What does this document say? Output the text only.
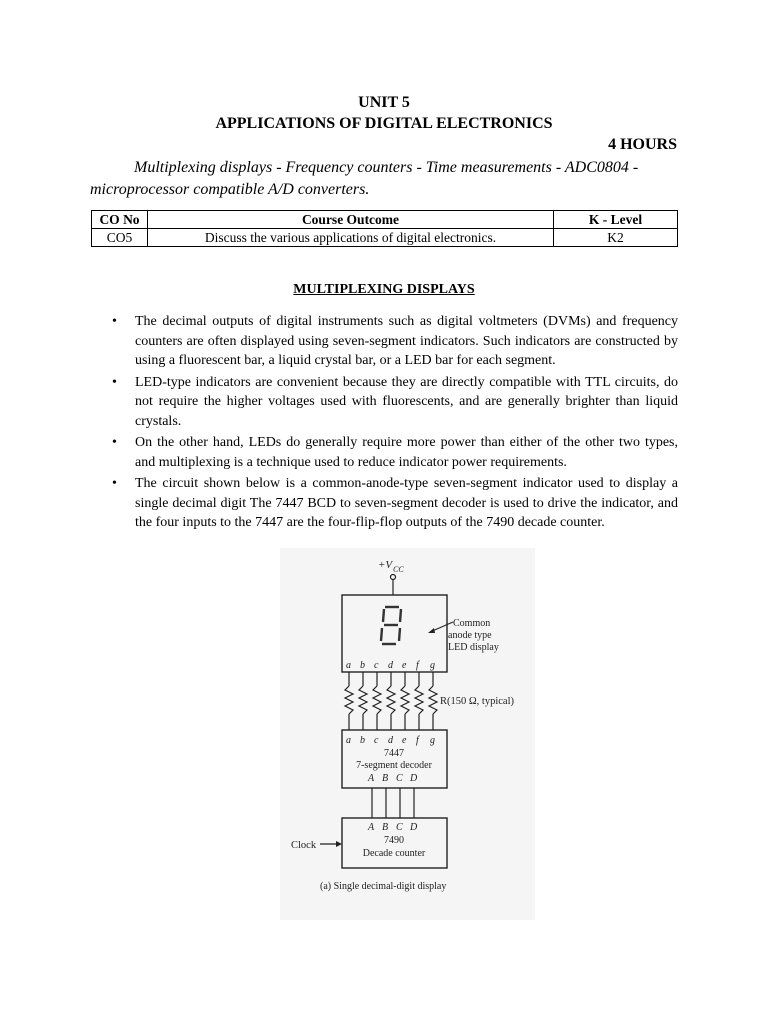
UNIT 5
APPLICATIONS OF DIGITAL ELECTRONICS
4 HOURS
Multiplexing displays - Frequency counters - Time measurements - ADC0804 - microprocessor compatible A/D converters.
CO No	Course Outcome	K - Level
CO5	Discuss the various applications of digital electronics.	K2
MULTIPLEXING DISPLAYS
• The decimal outputs of digital instruments such as digital voltmeters (DVMs) and frequency counters are often displayed using seven-segment indicators. Such indicators are constructed by using a fluorescent bar, a liquid crystal bar, or a LED bar for each segment.
• LED-type indicators are convenient because they are directly compatible with TTL circuits, do not require the higher voltages used with fluorescents, and are generally brighter than liquid crystals.
• On the other hand, LEDs do generally require more power than either of the other two types, and multiplexing is a technique used to reduce indicator power requirements.
• The circuit shown below is a common-anode-type seven-segment indicator used to display a single decimal digit The 7447 BCD to seven-segment decoder is used to drive the indicator, and the four inputs to the 7447 are the four-flip-flop outputs of the 7490 decade counter.
+V CC
Common
anode type
LED display
a b c d e f g
R(150 Ω, typical)
a b c d e f g
7447
7-segment decoder
A B C D
A B C D
7490
Decade counter
Clock
(a) Single decimal-digit display
